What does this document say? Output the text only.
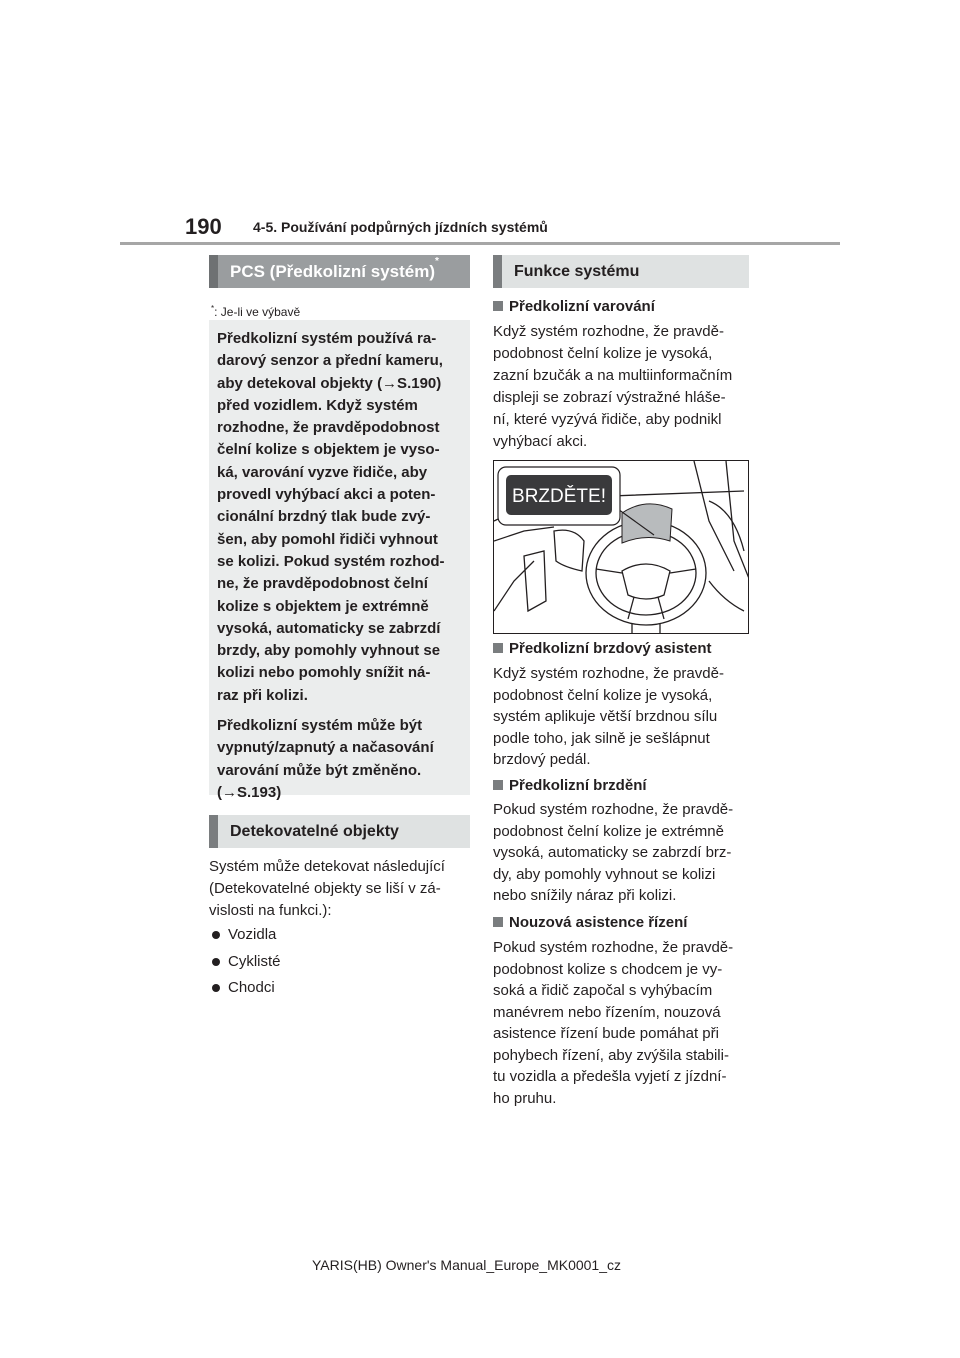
190 4-5. Používání podpůrných jízdních systémů
PCS (Předkolizní systém)*
*: Je-li ve výbavě

Předkolizní systém používá ra-
darový senzor a přední kameru,
aby detekoval objekty (→S.190)
před vozidlem. Když systém
rozhodne, že pravděpodobnost
čelní kolize s objektem je vyso-
ká, varování vyzve řidiče, aby
provedl vyhýbací akci a poten-
cionální brzdný tlak bude zvý-
šen, aby pomohl řidiči vyhnout
se kolizi. Pokud systém rozhod-
ne, že pravděpodobnost čelní
kolize s objektem je extrémně
vysoká, automaticky se zabrzdí
brzdy, aby pomohly vyhnout se
kolizi nebo pomohly snížit ná-
raz při kolizi.

Předkolizní systém může být
vypnutý/zapnutý a načasování
varování může být změněno.
(→S.193)

Detekovatelné objekty
Systém může detekovat následující
(Detekovatelné objekty se liší v zá-
vislosti na funkci.):
Vozidla
Cyklisté
Chodci
Funkce systému
Předkolizní varování
Když systém rozhodne, že pravdě-
podobnost čelní kolize je vysoká,
zazní bzučák a na multiinformačním
displeji se zobrazí výstražné hláše-
ní, které vyzývá řidiče, aby podnikl
vyhýbací akci.
BRZDĚTE!
Předkolizní brzdový asistent
Když systém rozhodne, že pravdě-
podobnost čelní kolize je vysoká,
systém aplikuje větší brzdnou sílu
podle toho, jak silně je sešlápnut
brzdový pedál.
Předkolizní brzdění
Pokud systém rozhodne, že pravdě-
podobnost čelní kolize je extrémně
vysoká, automaticky se zabrzdí brz-
dy, aby pomohly vyhnout se kolizi
nebo snížily náraz při kolizi.
Nouzová asistence řízení
Pokud systém rozhodne, že pravdě-
podobnost kolize s chodcem je vy-
soká a řidič započal s vyhýbacím
manévrem nebo řízením, nouzová
asistence řízení bude pomáhat při
pohybech řízení, aby zvýšila stabili-
tu vozidla a předešla vyjetí z jízdní-
ho pruhu.
YARIS(HB) Owner's Manual_Europe_MK0001_cz
